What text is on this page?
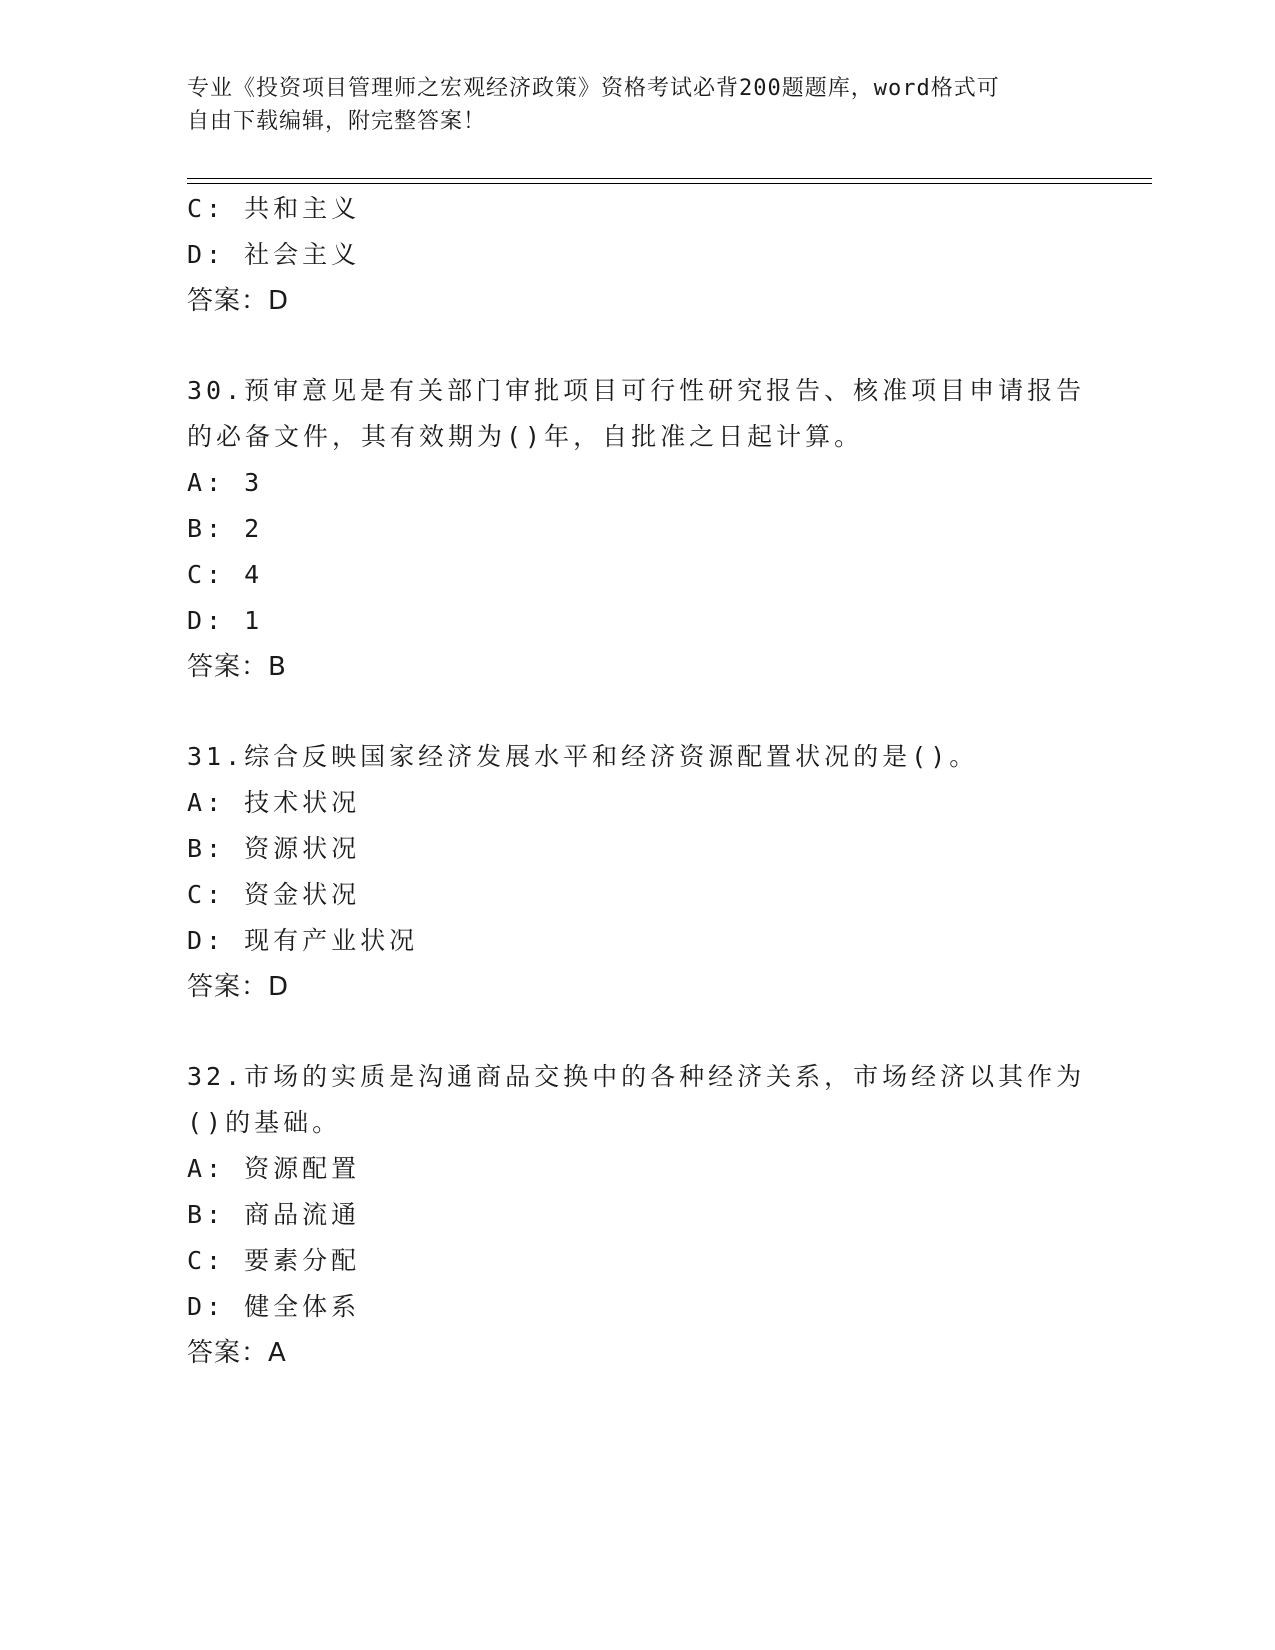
专业《投资项目管理师之宏观经济政策》资格考试必背200题题库，word格式可
自由下载编辑，附完整答案！
C: 共和主义
D: 社会主义
答案：D
30.预审意见是有关部门审批项目可行性研究报告、核准项目申请报告
的必备文件，其有效期为()年，自批准之日起计算。
A: 3
B: 2
C: 4
D: 1
答案：B
31.综合反映国家经济发展水平和经济资源配置状况的是()。
A: 技术状况
B: 资源状况
C: 资金状况
D: 现有产业状况
答案：D
32.市场的实质是沟通商品交换中的各种经济关系，市场经济以其作为
()的基础。
A: 资源配置
B: 商品流通
C: 要素分配
D: 健全体系
答案：A
